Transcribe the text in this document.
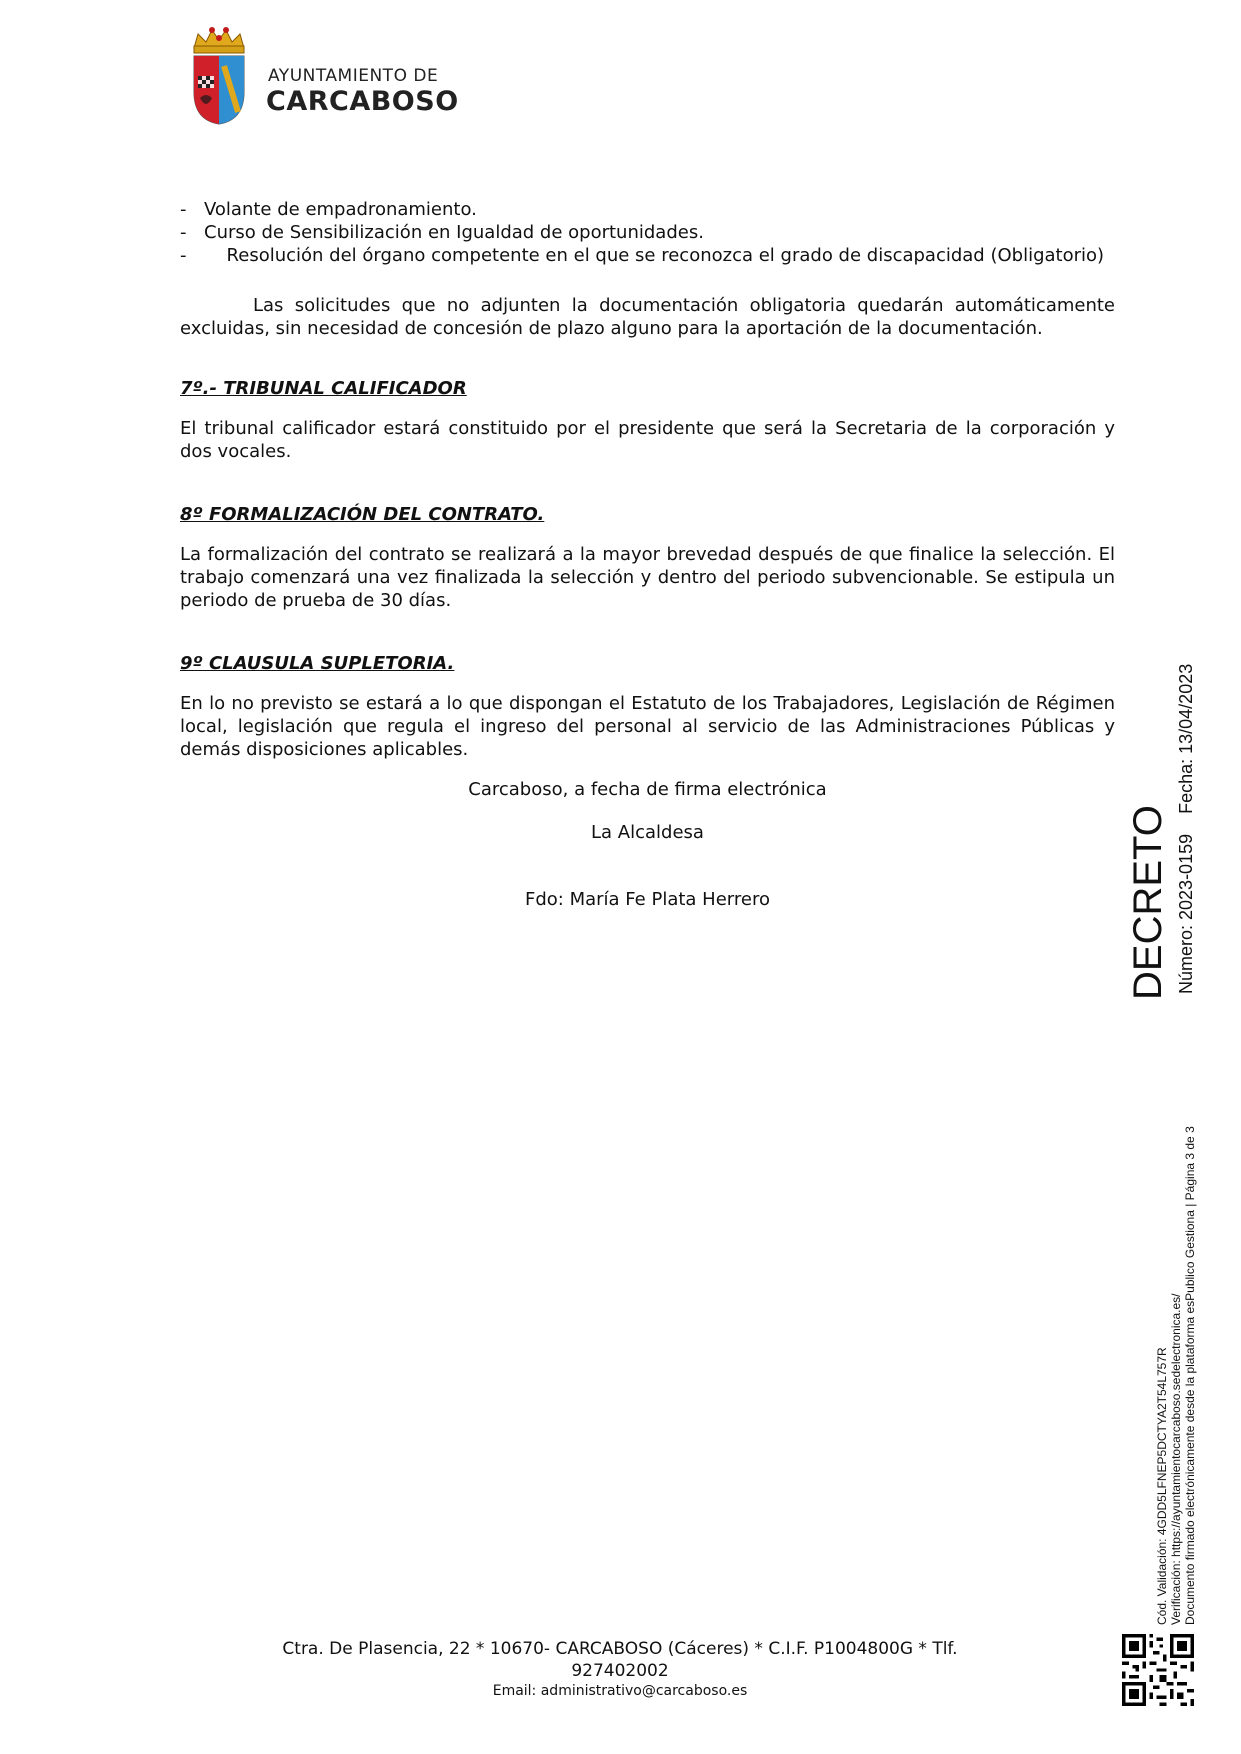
AYUNTAMIENTO DE
CARCABOSO
- Volante de empadronamiento.
- Curso de Sensibilización en Igualdad de oportunidades.

-       Resolución del órgano competente en el que se reconozca el grado de discapacidad (Obligatorio)

Las solicitudes que no adjunten la documentación obligatoria quedarán automáticamente excluidas, sin necesidad de concesión de plazo alguno para la aportación de la documentación.

7º.- TRIBUNAL CALIFICADOR

El tribunal calificador estará constituido por el presidente que será la Secretaria de la corporación y dos vocales.

8º FORMALIZACIÓN DEL CONTRATO.

La formalización del contrato se realizará a la mayor brevedad después de que finalice la selección. El trabajo comenzará una vez finalizada la selección y dentro del periodo subvencionable. Se estipula un periodo de prueba de 30 días.

9º CLAUSULA SUPLETORIA.

En lo no previsto se estará a lo que dispongan el Estatuto de los Trabajadores, Legislación de Régimen local, legislación que regula el ingreso del personal al servicio de las Administraciones Públicas y demás disposiciones aplicables.

Carcaboso, a fecha de firma electrónica

La Alcaldesa

Fdo: María Fe Plata Herrero	DECRETO Número: 2023-0159Fecha: 13/04/2023
Cód. Validación: 4GDD5LFNEP5DCTYA2T54L757R Verificación: https://ayuntamientocarcaboso.sedelectronica.es/ Documento firmado electrónicamente desde la plataforma esPublico Gestiona | Página 3 de 3
Ctra. De Plasencia, 22 * 10670- CARCABOSO (Cáceres) * C.I.F. P1004800G * Tlf. 927402002
Email: administrativo@carcaboso.es
